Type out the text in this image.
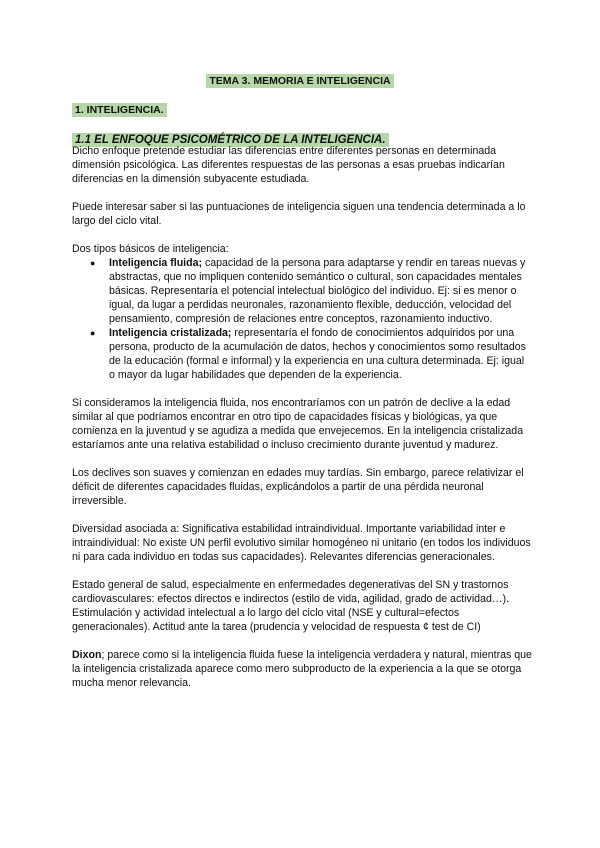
TEMA 3. MEMORIA E INTELIGENCIA
1. INTELIGENCIA.
1.1 EL ENFOQUE PSICOMÉTRICO DE LA INTELIGENCIA.

Dicho enfoque pretende estudiar las diferencias entre diferentes personas en determinada dimensión psicológica. Las diferentes respuestas de las personas a esas pruebas indicarían diferencias en la dimensión subyacente estudiada.

Puede interesar saber si las puntuaciones de inteligencia siguen una tendencia determinada a lo largo del ciclo vital.

Dos tipos básicos de inteligencia:

● Inteligencia fluida; capacidad de la persona para adaptarse y rendir en tareas nuevas y abstractas, que no impliquen contenido semántico o cultural, son capacidades mentales básicas. Representaría el potencial intelectual biológico del individuo. Ej: si es menor o igual, da lugar a perdidas neuronales, razonamiento flexible, deducción, velocidad del pensamiento, compresión de relaciones entre conceptos, razonamiento inductivo.
● Inteligencia cristalizada; representaría el fondo de conocimientos adquiridos por una persona, producto de la acumulación de datos, hechos y conocimientos somo resultados de la educación (formal e informal) y la experiencia en una cultura determinada. Ej: igual o mayor da lugar habilidades que dependen de la experiencia.

Si consideramos la inteligencia fluida, nos encontraríamos con un patrón de declive a la edad similar al que podríamos encontrar en otro tipo de capacidades físicas y biológicas, ya que comienza en la juventud y se agudiza a medida que envejecemos. En la inteligencia cristalizada estaríamos ante una relativa estabilidad o incluso crecimiento durante juventud y madurez.

Los declives son suaves y comienzan en edades muy tardías. Sin embargo, parece relativizar el déficit de diferentes capacidades fluidas, explicándolos a partir de una pérdida neuronal irreversible.

Diversidad asociada a: Significativa estabilidad intraindividual. Importante variabilidad inter e intraindividual: No existe UN perfil evolutivo similar homogéneo ni unitario (en todos los individuos ni para cada individuo en todas sus capacidades). Relevantes diferencias generacionales.

Estado general de salud, especialmente en enfermedades degenerativas del SN y trastornos cardiovasculares: efectos directos e indirectos (estilo de vida, agilidad, grado de actividad…). Estimulación y actividad intelectual a lo largo del ciclo vital (NSE y cultural=efectos generacionales). Actitud ante la tarea (prudencia y velocidad de respuesta ¢ test de CI)

Dixon; parece como si la inteligencia fluida fuese la inteligencia verdadera y natural, mientras que la inteligencia cristalizada aparece como mero subproducto de la experiencia a la que se otorga mucha menor relevancia.
